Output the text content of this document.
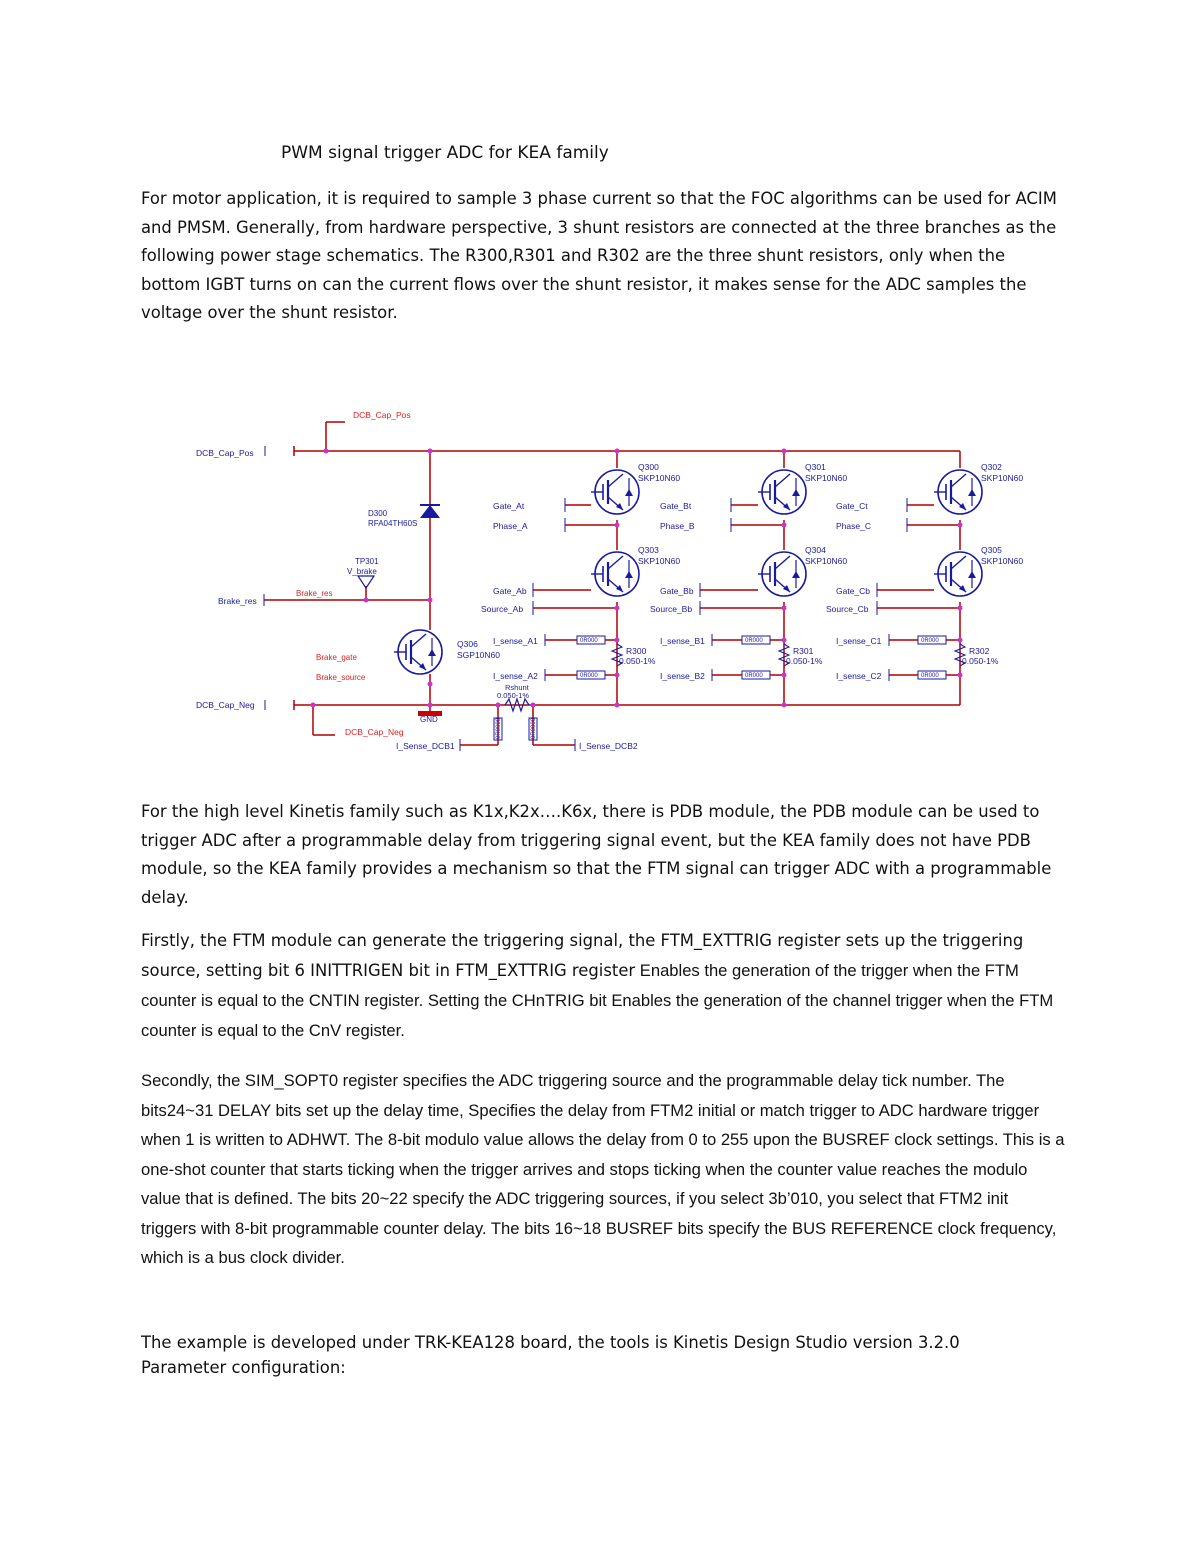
PWM signal trigger ADC for KEA family

For motor application, it is required to sample 3 phase current so that the FOC algorithms can be used for ACIM and PMSM. Generally, from hardware perspective, 3 shunt resistors are connected at the three branches as the following power stage schematics. The R300,R301 and R302 are the three shunt resistors, only when the bottom IGBT turns on can the current flows over the shunt resistor, it makes sense for the ADC samples the voltage over the shunt resistor.

DCB_Cap_Pos
DCB_Cap_Pos
DCB_Cap_Neg
DCB_Cap_Neg
Brake_res
Brake_res
TP301
V_brake
D300
RFA04TH60S
Q306
SGP10N60
Brake_gate
Brake_source
GND
Rshunt
0.050-1%
0R0000	0R0000
I_Sense_DCB1	I_Sense_DCB2
Gate_At
Phase_A
Gate_Ab
Source_Ab
Q300
SKP10N60
Q303
SKP10N60
R300
0.050-1%
0R000
0R000
I_sense_A1
I_sense_A2
Gate_Bt
Phase_B
Gate_Bb
Source_Bb
Q301
SKP10N60
Q304
SKP10N60
R301
0.050-1%
0R000
0R000
I_sense_B1
I_sense_B2
Gate_Ct
Phase_C
Gate_Cb
Source_Cb
Q302
SKP10N60
Q305
SKP10N60
R302
0.050-1%
0R000
0R000
I_sense_C1
I_sense_C2

For the high level Kinetis family such as K1x,K2x….K6x, there is PDB module, the PDB module can be used to trigger ADC after a programmable delay from triggering signal event, but the KEA family does not have PDB module, so the KEA family provides a mechanism so that the FTM signal can trigger ADC with a programmable delay.

Firstly, the FTM module can generate the triggering signal, the FTM_EXTTRIG register sets up the triggering source, setting bit 6 INITTRIGEN bit in FTM_EXTTRIG register Enables the generation of the trigger when the FTM counter is equal to the CNTIN register. Setting the CHnTRIG bit Enables the generation of the channel trigger when the FTM counter is equal to the CnV register.

Secondly, the SIM_SOPT0 register specifies the ADC triggering source and the programmable delay tick number. The bits24~31 DELAY bits set up the delay time, Specifies the delay from FTM2 initial or match trigger to ADC hardware trigger when 1 is written to ADHWT. The 8-bit modulo value allows the delay from 0 to 255 upon the BUSREF clock settings. This is a one-shot counter that starts ticking when the trigger arrives and stops ticking when the counter value reaches the modulo value that is defined. The bits 20~22 specify the ADC triggering sources, if you select 3b’010, you select that FTM2 init triggers with 8-bit programmable counter delay. The bits 16~18 BUSREF bits specify the BUS REFERENCE clock frequency, which is a bus clock divider.

The example is developed under TRK-KEA128 board, the tools is Kinetis Design Studio version 3.2.0
Parameter configuration:
